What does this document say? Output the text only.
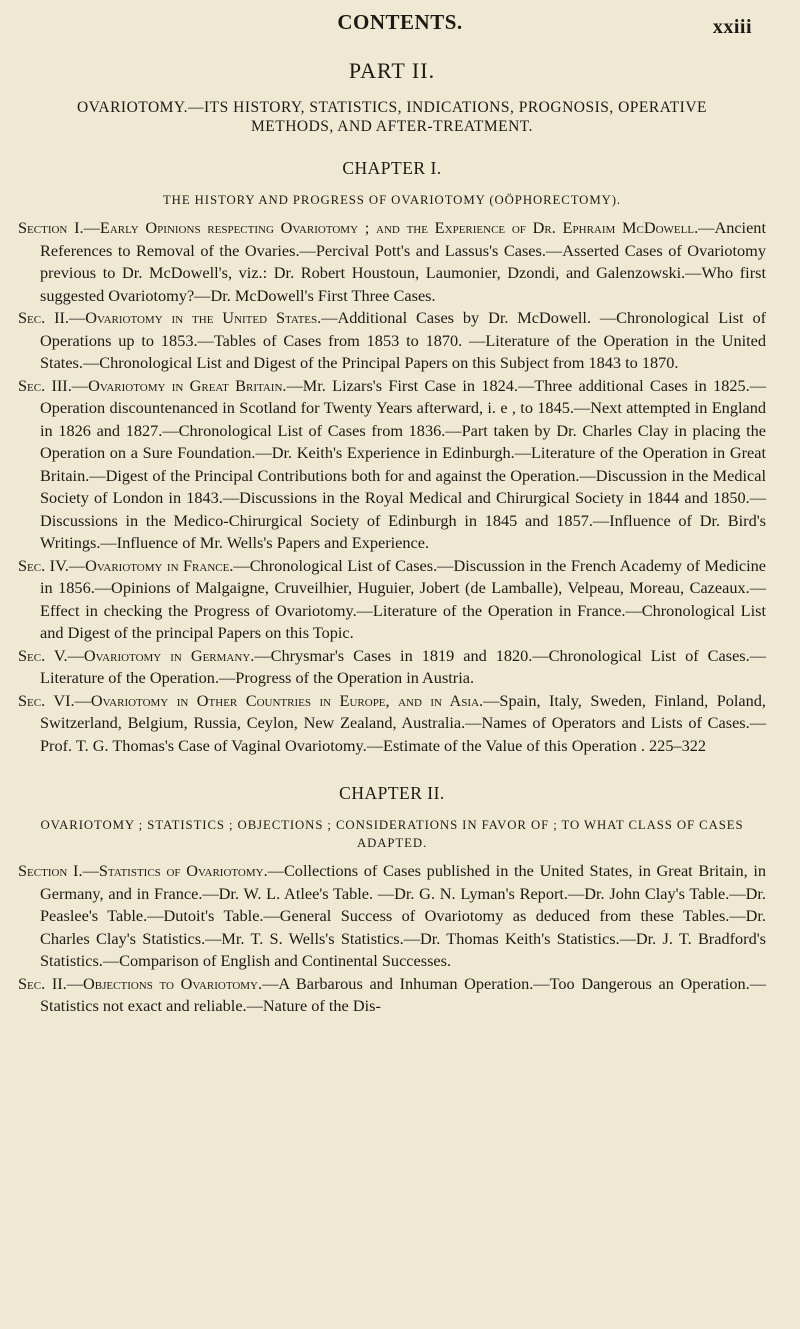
CONTENTS.	xxiii
PART II.
OVARIOTOMY.—ITS HISTORY, STATISTICS, INDICATIONS, PROGNOSIS, OPERATIVE METHODS, AND AFTER-TREATMENT.
CHAPTER I.
THE HISTORY AND PROGRESS OF OVARIOTOMY (OÖPHORECTOMY).

Section I.—Early Opinions respecting Ovariotomy ; and the Experience of Dr. Ephraim McDowell.—Ancient References to Removal of the Ovaries.—Percival Pott's and Lassus's Cases.—Asserted Cases of Ovariotomy previous to Dr. McDowell's, viz.: Dr. Robert Houstoun, Laumonier, Dzondi, and Galenzowski.—Who first suggested Ovariotomy?—Dr. McDowell's First Three Cases.

Sec. II.—Ovariotomy in the United States.—Additional Cases by Dr. McDowell. —Chronological List of Operations up to 1853.—Tables of Cases from 1853 to 1870. —Literature of the Operation in the United States.—Chronological List and Digest of the Principal Papers on this Subject from 1843 to 1870.

Sec. III.—Ovariotomy in Great Britain.—Mr. Lizars's First Case in 1824.—Three additional Cases in 1825.—Operation discountenanced in Scotland for Twenty Years afterward, i. e , to 1845.—Next attempted in England in 1826 and 1827.—Chronological List of Cases from 1836.—Part taken by Dr. Charles Clay in placing the Operation on a Sure Foundation.—Dr. Keith's Experience in Edinburgh.—Literature of the Operation in Great Britain.—Digest of the Principal Contributions both for and against the Operation.—Discussion in the Medical Society of London in 1843.—Discussions in the Royal Medical and Chirurgical Society in 1844 and 1850.—Discussions in the Medico-Chirurgical Society of Edinburgh in 1845 and 1857.—Influence of Dr. Bird's Writings.—Influence of Mr. Wells's Papers and Experience.

Sec. IV.—Ovariotomy in France.—Chronological List of Cases.—Discussion in the French Academy of Medicine in 1856.—Opinions of Malgaigne, Cruveilhier, Huguier, Jobert (de Lamballe), Velpeau, Moreau, Cazeaux.—Effect in checking the Progress of Ovariotomy.—Literature of the Operation in France.—Chronological List and Digest of the principal Papers on this Topic.

Sec. V.—Ovariotomy in Germany.—Chrysmar's Cases in 1819 and 1820.—Chronological List of Cases.—Literature of the Operation.—Progress of the Operation in Austria.

Sec. VI.—Ovariotomy in Other Countries in Europe, and in Asia.—Spain, Italy, Sweden, Finland, Poland, Switzerland, Belgium, Russia, Ceylon, New Zealand, Australia.—Names of Operators and Lists of Cases.—Prof. T. G. Thomas's Case of Vaginal Ovariotomy.—Estimate of the Value of this Operation . 225–322

CHAPTER II.
OVARIOTOMY ; STATISTICS ; OBJECTIONS ; CONSIDERATIONS IN FAVOR OF ; TO WHAT CLASS OF CASES ADAPTED.

Section I.—Statistics of Ovariotomy.—Collections of Cases published in the United States, in Great Britain, in Germany, and in France.—Dr. W. L. Atlee's Table. —Dr. G. N. Lyman's Report.—Dr. John Clay's Table.—Dr. Peaslee's Table.—Dutoit's Table.—General Success of Ovariotomy as deduced from these Tables.—Dr. Charles Clay's Statistics.—Mr. T. S. Wells's Statistics.—Dr. Thomas Keith's Statistics.—Dr. J. T. Bradford's Statistics.—Comparison of English and Continental Successes.

Sec. II.—Objections to Ovariotomy.—A Barbarous and Inhuman Operation.—Too Dangerous an Operation.—Statistics not exact and reliable.—Nature of the Dis-
